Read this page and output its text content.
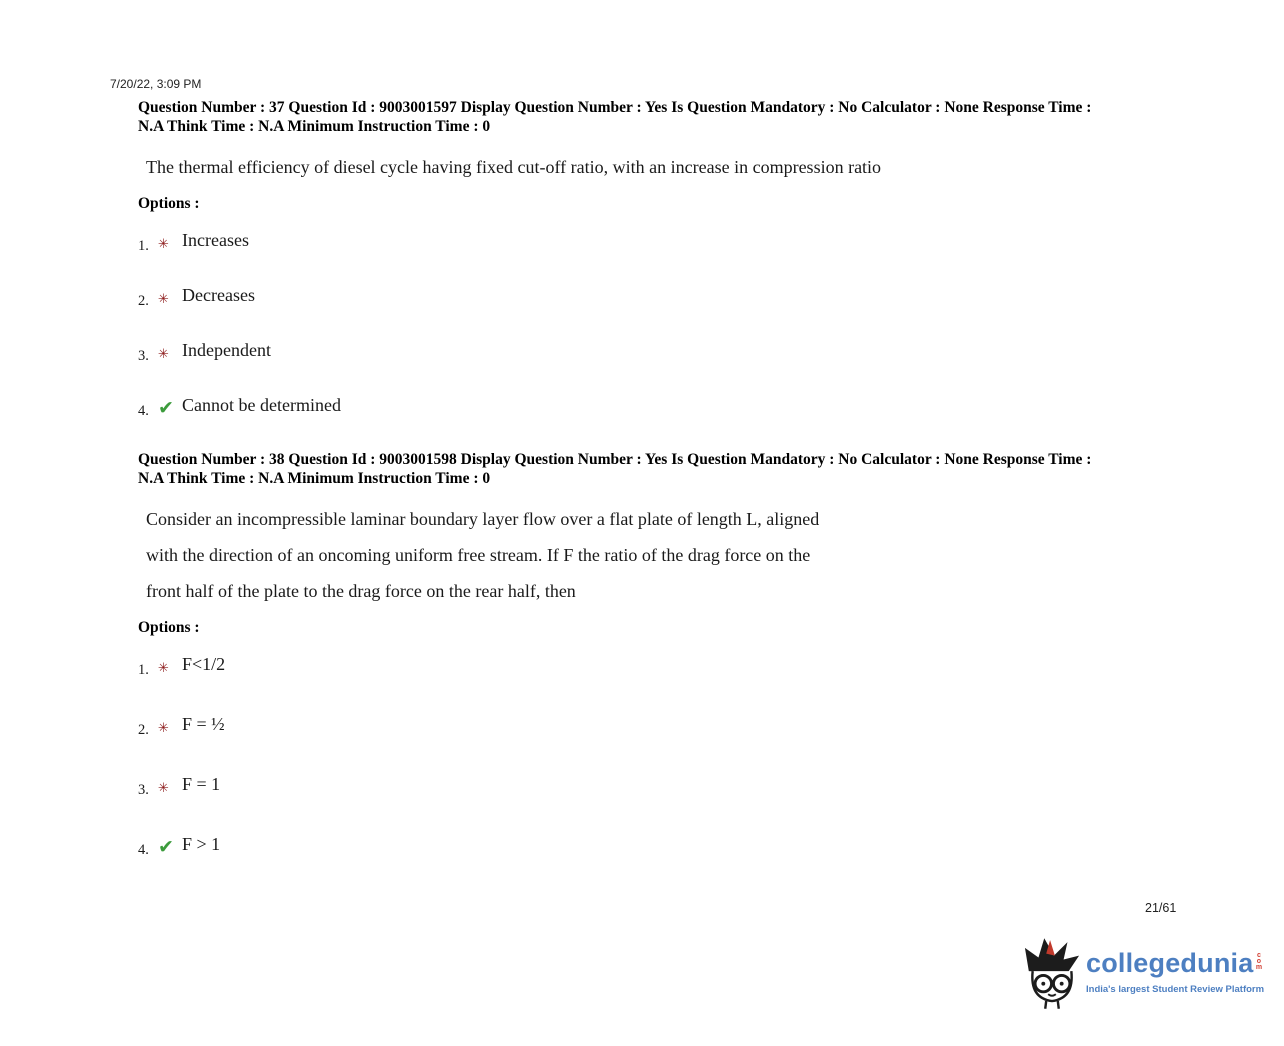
7/20/22, 3:09 PM
Question Number : 37 Question Id : 9003001597 Display Question Number : Yes Is Question Mandatory : No Calculator : None Response Time :
N.A Think Time : N.A Minimum Instruction Time : 0
The thermal efficiency of diesel cycle having fixed cut-off ratio, with an increase in compression ratio
Options :
1. ✳ Increases
2. ✳ Decreases
3. ✳ Independent
4. ✔ Cannot be determined
Question Number : 38 Question Id : 9003001598 Display Question Number : Yes Is Question Mandatory : No Calculator : None Response Time :
N.A Think Time : N.A Minimum Instruction Time : 0
Consider an incompressible laminar boundary layer flow over a flat plate of length L, aligned
with the direction of an oncoming uniform free stream. If F the ratio of the drag force on the
front half of the plate to the drag force on the rear half, then
Options :
1. ✳ F<1/2
2. ✳ F = ½
3. ✳ F = 1
4. ✔ F > 1
21/61
collegedunia com
India's largest Student Review Platform
